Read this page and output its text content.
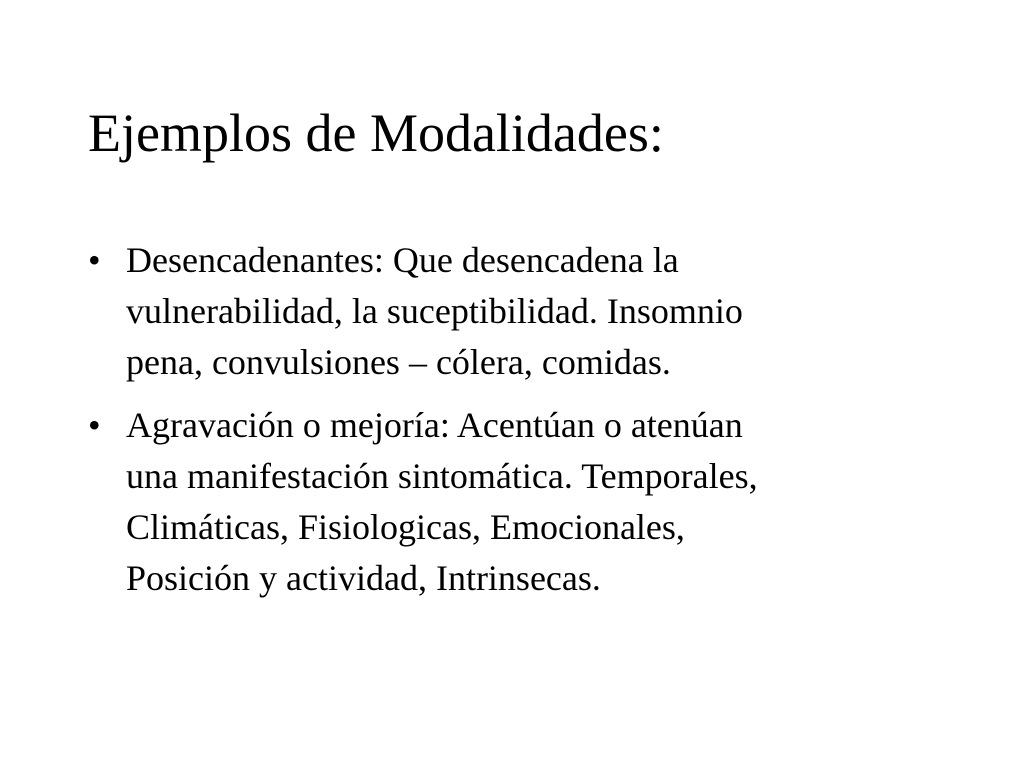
Ejemplos de Modalidades:
• Desencadenantes: Que desencadena la
vulnerabilidad, la suceptibilidad. Insomnio
pena, convulsiones – cólera, comidas.
• Agravación o mejoría: Acentúan o atenúan
una manifestación sintomática. Temporales,
Climáticas, Fisiologicas, Emocionales,
Posición y actividad, Intrinsecas.
